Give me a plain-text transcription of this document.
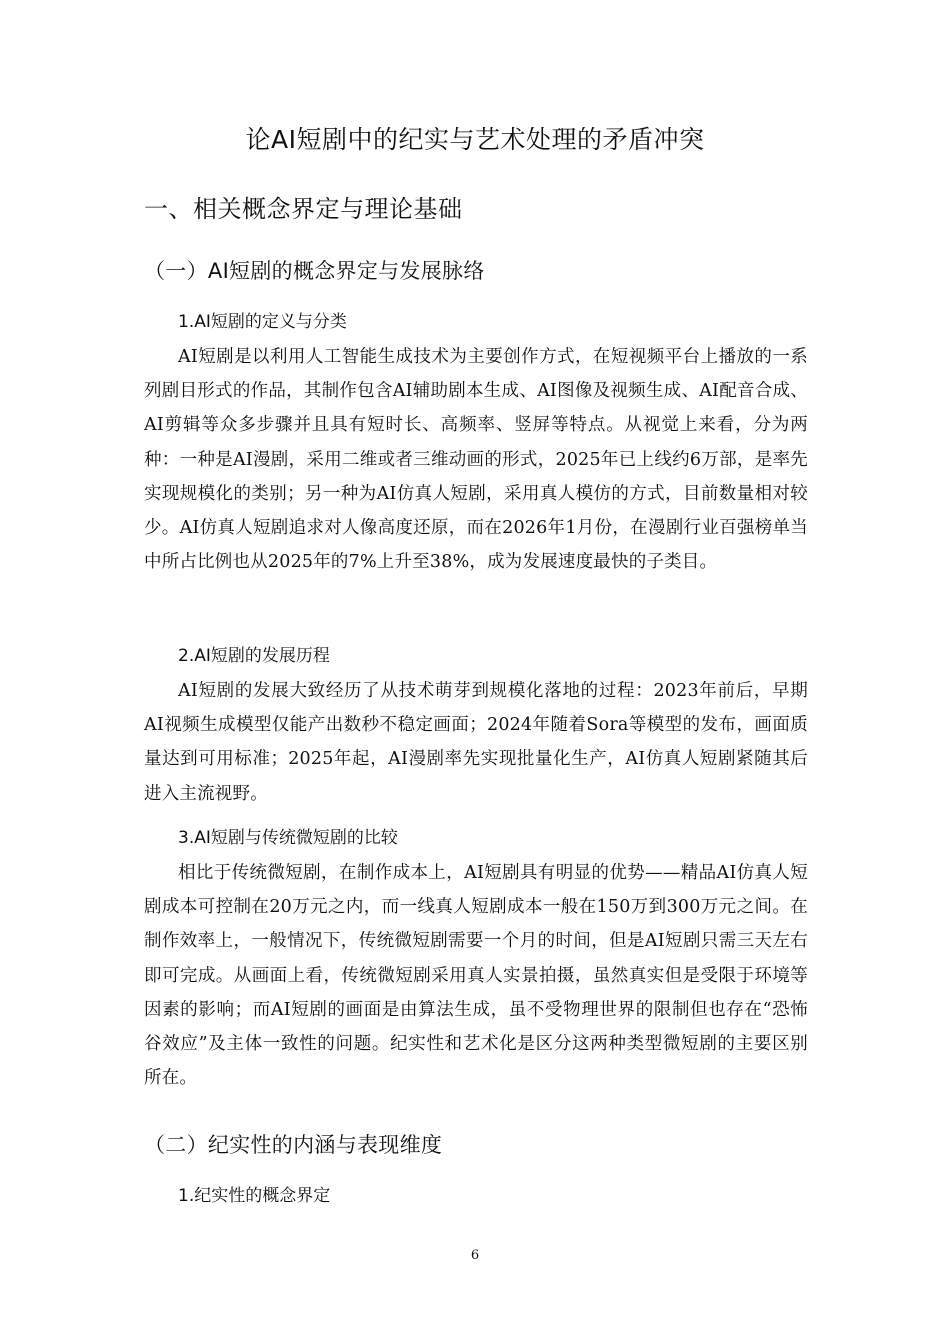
论AI短剧中的纪实与艺术处理的矛盾冲突
一、相关概念界定与理论基础
（一）AI短剧的概念界定与发展脉络
1.AI短剧的定义与分类

AI短剧是以利用人工智能生成技术为主要创作方式，在短视频平台上播放的一系列剧目形式的作品，其制作包含AI辅助剧本生成、AI图像及视频生成、AI配音合成、AI剪辑等众多步骤并且具有短时长、高频率、竖屏等特点。从视觉上来看，分为两种：一种是AI漫剧，采用二维或者三维动画的形式，2025年已上线约6万部，是率先实现规模化的类别；另一种为AI仿真人短剧，采用真人模仿的方式，目前数量相对较少。AI仿真人短剧追求对人像高度还原，而在2026年1月份，在漫剧行业百强榜单当中所占比例也从2025年的7%上升至38%，成为发展速度最快的子类目。

2.AI短剧的发展历程

AI短剧的发展大致经历了从技术萌芽到规模化落地的过程：2023年前后，早期AI视频生成模型仅能产出数秒不稳定画面；2024年随着Sora等模型的发布，画面质量达到可用标准；2025年起，AI漫剧率先实现批量化生产，AI仿真人短剧紧随其后进入主流视野。

3.AI短剧与传统微短剧的比较

相比于传统微短剧，在制作成本上，AI短剧具有明显的优势——精品AI仿真人短剧成本可控制在20万元之内，而一线真人短剧成本一般在150万到300万元之间。在制作效率上，一般情况下，传统微短剧需要一个月的时间，但是AI短剧只需三天左右即可完成。从画面上看，传统微短剧采用真人实景拍摄，虽然真实但是受限于环境等因素的影响；而AI短剧的画面是由算法生成，虽不受物理世界的限制但也存在“恐怖谷效应”及主体一致性的问题。纪实性和艺术化是区分这两种类型微短剧的主要区别所在。

（二）纪实性的内涵与表现维度
1.纪实性的概念界定
6
